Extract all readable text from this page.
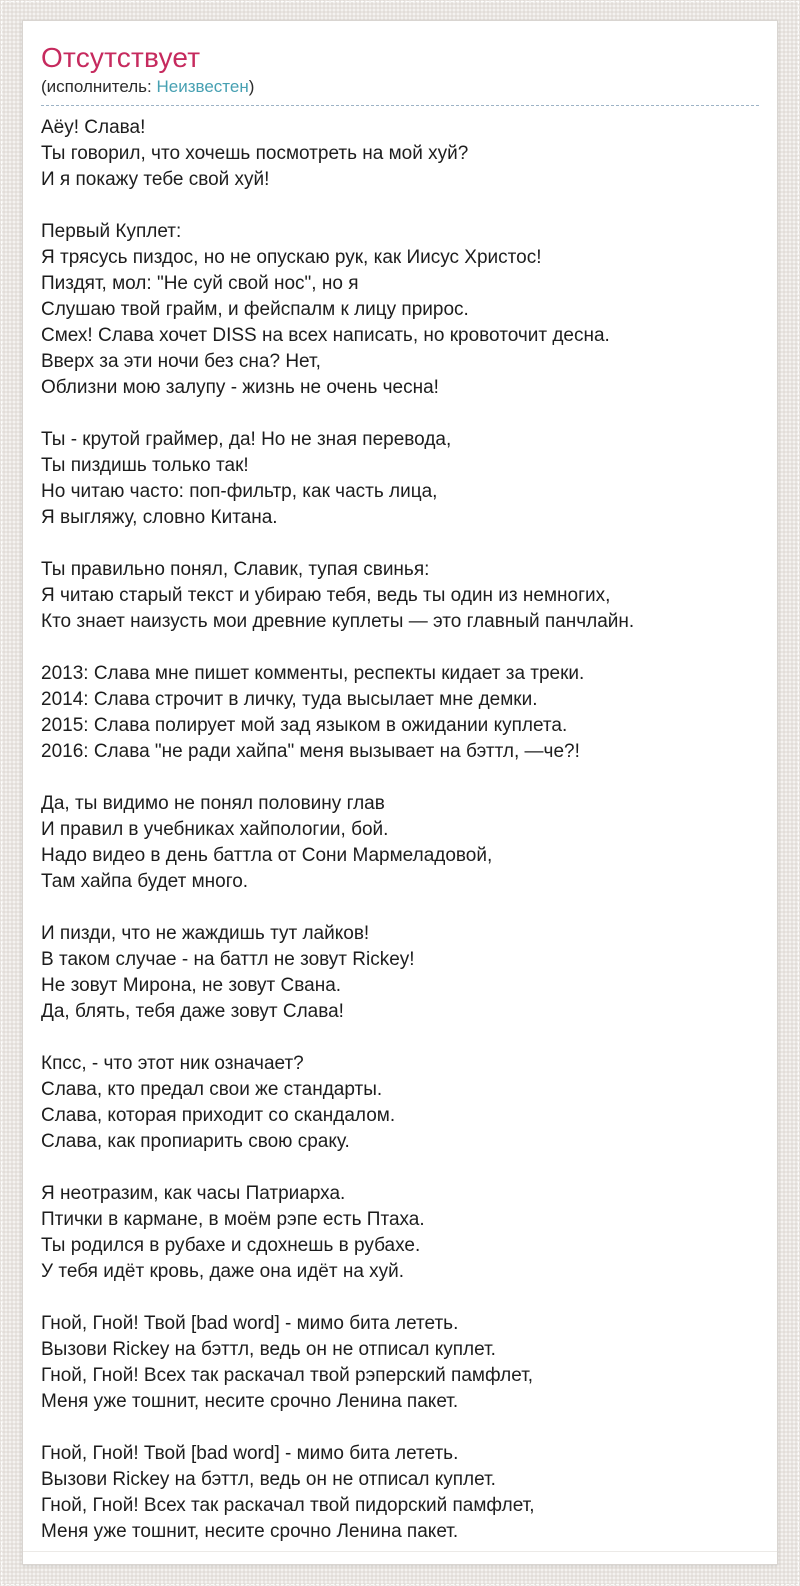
Отсутствует
(исполнитель: Неизвестен)
Аёу! Слава!
Ты говорил, что хочешь посмотреть на мой хуй?
И я покажу тебе свой хуй!

Первый Куплет:
Я трясусь пиздос, но не опускаю рук, как Иисус Христос!
Пиздят, мол: "Не суй свой нос", но я
Слушаю твой грайм, и фейспалм к лицу прирос.
Смех! Слава хочет DISS на всех написать, но кровоточит десна.
Вверх за эти ночи без сна? Нет,
Облизни мою залупу - жизнь не очень чесна!

Ты - крутой граймер, да! Но не зная перевода,
Ты пиздишь только так!
Но читаю часто: поп-фильтр, как часть лица,
Я выгляжу, словно Китана.

Ты правильно понял, Славик, тупая свинья:
Я читаю старый текст и убираю тебя, ведь ты один из немногих,
Кто знает наизусть мои древние куплеты — это главный панчлайн.

2013: Слава мне пишет комменты, респекты кидает за треки.
2014: Слава строчит в личку, туда высылает мне демки.
2015: Слава полирует мой зад языком в ожидании куплета.
2016: Слава "не ради хайпа" меня вызывает на бэттл, —че?!

Да, ты видимо не понял половину глав
И правил в учебниках хайпологии, бой.
Надо видео в день баттла от Сони Мармеладовой,
Там хайпа будет много.

И пизди, что не жаждишь тут лайков!
В таком случае - на баттл не зовут Rickey!
Не зовут Мирона, не зовут Свана.
Да, блять, тебя даже зовут Слава!

Кпсс, - что этот ник означает?
Слава, кто предал свои же стандарты.
Слава, которая приходит со скандалом.
Слава, как пропиарить свою сраку.

Я неотразим, как часы Патриарха.
Птички в кармане, в моём рэпе есть Птаха.
Ты родился в рубахе и сдохнешь в рубахе.
У тебя идёт кровь, даже она идёт на хуй.

Гной, Гной! Твой [bad word] - мимо бита лететь.
Вызови Rickey на бэттл, ведь он не отписал куплет.
Гной, Гной! Всех так раскачал твой рэперский памфлет,
Меня уже тошнит, несите срочно Ленина пакет.

Гной, Гной! Твой [bad word] - мимо бита лететь.
Вызови Rickey на бэттл, ведь он не отписал куплет.
Гной, Гной! Всех так раскачал твой пидорский памфлет,
Меня уже тошнит, несите срочно Ленина пакет.
